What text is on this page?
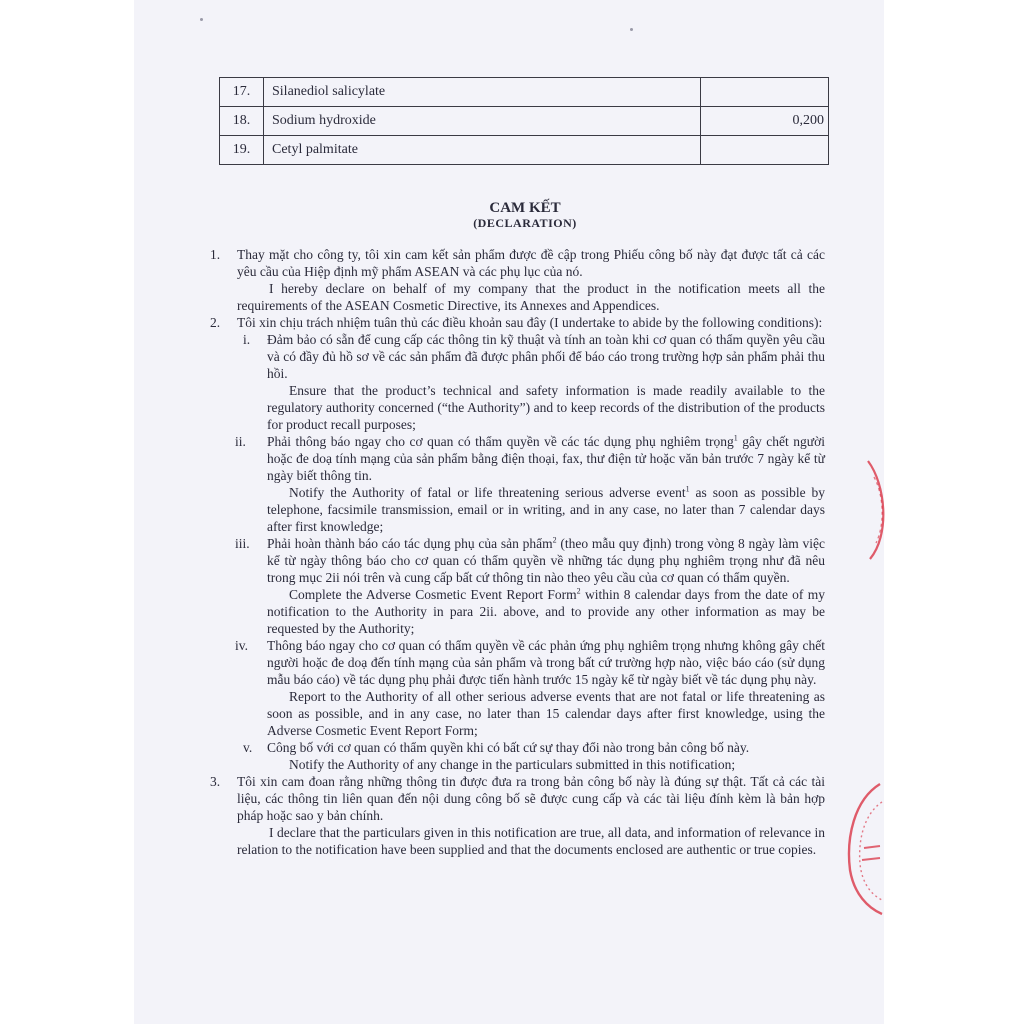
17.	Silanediol salicylate	
18.	Sodium hydroxide	0,200
19.	Cetyl palmitate	
CAM KẾT
(DECLARATION)

1. Thay mặt cho công ty, tôi xin cam kết sản phẩm được đề cập trong Phiếu công bố này đạt được tất cả các yêu cầu của Hiệp định mỹ phẩm ASEAN và các phụ lục của nó.

I hereby declare on behalf of my company that the product in the notification meets all the requirements of the ASEAN Cosmetic Directive, its Annexes and Appendices.

2. Tôi xin chịu trách nhiệm tuân thủ các điều khoản sau đây (I undertake to abide by the following conditions):

i. Đảm bảo có sẵn để cung cấp các thông tin kỹ thuật và tính an toàn khi cơ quan có thẩm quyền yêu cầu và có đầy đủ hồ sơ về các sản phẩm đã được phân phối để báo cáo trong trường hợp sản phẩm phải thu hồi.

Ensure that the product’s technical and safety information is made readily available to the regulatory authority concerned (“the Authority”) and to keep records of the distribution of the products for product recall purposes;

ii. Phải thông báo ngay cho cơ quan có thẩm quyền về các tác dụng phụ nghiêm trọng$^1$ gây chết người hoặc đe doạ tính mạng của sản phẩm bằng điện thoại, fax, thư điện tử hoặc văn bản trước 7 ngày kể từ ngày biết thông tin.

Notify the Authority of fatal or life threatening serious adverse event$^1$ as soon as possible by telephone, facsimile transmission, email or in writing, and in any case, no later than 7 calendar days after first knowledge;

iii. Phải hoàn thành báo cáo tác dụng phụ của sản phẩm$^2$ (theo mẫu quy định) trong vòng 8 ngày làm việc kể từ ngày thông báo cho cơ quan có thẩm quyền về những tác dụng phụ nghiêm trọng như đã nêu trong mục 2ii nói trên và cung cấp bất cứ thông tin nào theo yêu cầu của cơ quan có thẩm quyền.

Complete the Adverse Cosmetic Event Report Form$^2$ within 8 calendar days from the date of my notification to the Authority in para 2ii. above, and to provide any other information as may be requested by the Authority;

iv. Thông báo ngay cho cơ quan có thẩm quyền về các phản ứng phụ nghiêm trọng nhưng không gây chết người hoặc đe doạ đến tính mạng của sản phẩm và trong bất cứ trường hợp nào, việc báo cáo (sử dụng mẫu báo cáo) về tác dụng phụ phải được tiến hành trước 15 ngày kể từ ngày biết về tác dụng phụ này.

Report to the Authority of all other serious adverse events that are not fatal or life threatening as soon as possible, and in any case, no later than 15 calendar days after first knowledge, using the Adverse Cosmetic Event Report Form;

v. Công bố với cơ quan có thẩm quyền khi có bất cứ sự thay đổi nào trong bản công bố này.

Notify the Authority of any change in the particulars submitted in this notification;

3. Tôi xin cam đoan rằng những thông tin được đưa ra trong bản công bố này là đúng sự thật. Tất cả các tài liệu, các thông tin liên quan đến nội dung công bố sẽ được cung cấp và các tài liệu đính kèm là bản hợp pháp hoặc sao y bản chính.

I declare that the particulars given in this notification are true, all data, and information of relevance in relation to the notification have been supplied and that the documents enclosed are authentic or true copies.
